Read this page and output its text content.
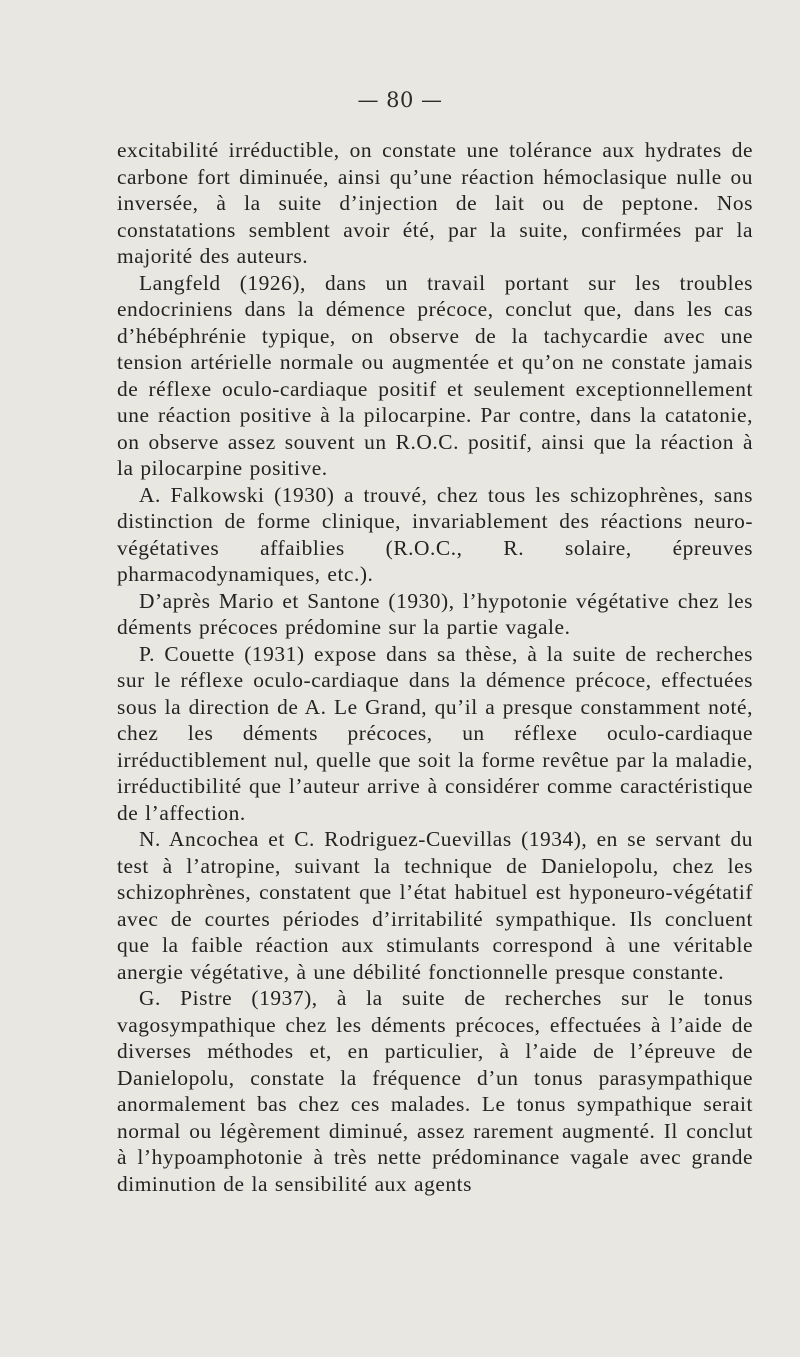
— 80 —

excitabilité irréductible, on constate une tolérance aux hydrates de carbone fort diminuée, ainsi qu’une réaction hémoclasique nulle ou inversée, à la suite d’injection de lait ou de peptone. Nos constatations semblent avoir été, par la suite, confirmées par la majorité des auteurs.

Langfeld (1926), dans un travail portant sur les troubles endocriniens dans la démence précoce, conclut que, dans les cas d’hébéphrénie typique, on observe de la tachycardie avec une tension artérielle normale ou augmentée et qu’on ne constate jamais de réflexe oculo-cardiaque positif et seulement exceptionnellement une réaction positive à la pilocarpine. Par contre, dans la catatonie, on observe assez souvent un R.O.C. positif, ainsi que la réaction à la pilocarpine positive.

A. Falkowski (1930) a trouvé, chez tous les schizophrènes, sans distinction de forme clinique, invariablement des réactions neuro-végétatives affaiblies (R.O.C., R. solaire, épreuves pharmacodynamiques, etc.).

D’après Mario et Santone (1930), l’hypotonie végétative chez les déments précoces prédomine sur la partie vagale.

P. Couette (1931) expose dans sa thèse, à la suite de recherches sur le réflexe oculo-cardiaque dans la démence précoce, effectuées sous la direction de A. Le Grand, qu’il a presque constamment noté, chez les déments précoces, un réflexe oculo-cardiaque irréductiblement nul, quelle que soit la forme revêtue par la maladie, irréductibilité que l’auteur arrive à considérer comme caractéristique de l’affection.

N. Ancochea et C. Rodriguez-Cuevillas (1934), en se servant du test à l’atropine, suivant la technique de Danielopolu, chez les schizophrènes, constatent que l’état habituel est hyponeuro-végétatif avec de courtes périodes d’irritabilité sympathique. Ils concluent que la faible réaction aux stimulants correspond à une véritable anergie végétative, à une débilité fonctionnelle presque constante.

G. Pistre (1937), à la suite de recherches sur le tonus vagosympathique chez les déments précoces, effectuées à l’aide de diverses méthodes et, en particulier, à l’aide de l’épreuve de Danielopolu, constate la fréquence d’un tonus parasympathique anormalement bas chez ces malades. Le tonus sympathique serait normal ou légèrement diminué, assez rarement augmenté. Il conclut à l’hypoamphotonie à très nette prédominance vagale avec grande diminution de la sensibilité aux agents
